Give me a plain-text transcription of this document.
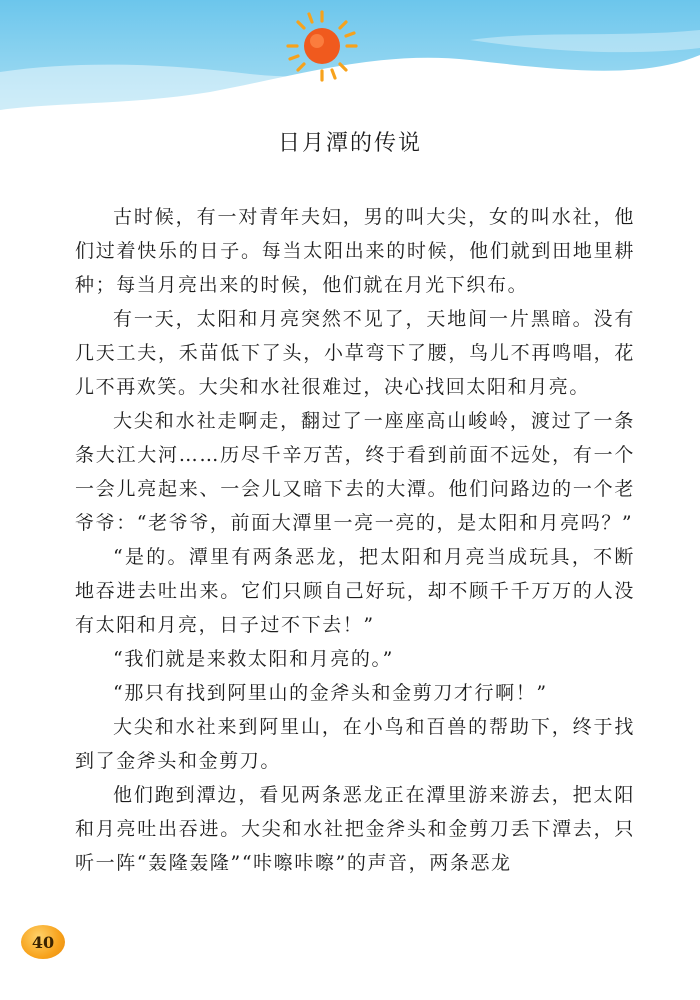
日月潭的传说

古时候，有一对青年夫妇，男的叫大尖，女的叫水社，他们过着快乐的日子。每当太阳出来的时候，他们就到田地里耕种；每当月亮出来的时候，他们就在月光下织布。

有一天，太阳和月亮突然不见了，天地间一片黑暗。没有几天工夫，禾苗低下了头，小草弯下了腰，鸟儿不再鸣唱，花儿不再欢笑。大尖和水社很难过，决心找回太阳和月亮。

大尖和水社走啊走，翻过了一座座高山峻岭，渡过了一条条大江大河……历尽千辛万苦，终于看到前面不远处，有一个一会儿亮起来、一会儿又暗下去的大潭。他们问路边的一个老爷爷：“老爷爷，前面大潭里一亮一亮的，是太阳和月亮吗？”

“是的。潭里有两条恶龙，把太阳和月亮当成玩具，不断地吞进去吐出来。它们只顾自己好玩，却不顾千千万万的人没有太阳和月亮，日子过不下去！”

“我们就是来救太阳和月亮的。”

“那只有找到阿里山的金斧头和金剪刀才行啊！”

大尖和水社来到阿里山，在小鸟和百兽的帮助下，终于找到了金斧头和金剪刀。

他们跑到潭边，看见两条恶龙正在潭里游来游去，把太阳和月亮吐出吞进。大尖和水社把金斧头和金剪刀丢下潭去，只听一阵“轰隆轰隆”“咔嚓咔嚓”的声音，两条恶龙

40
